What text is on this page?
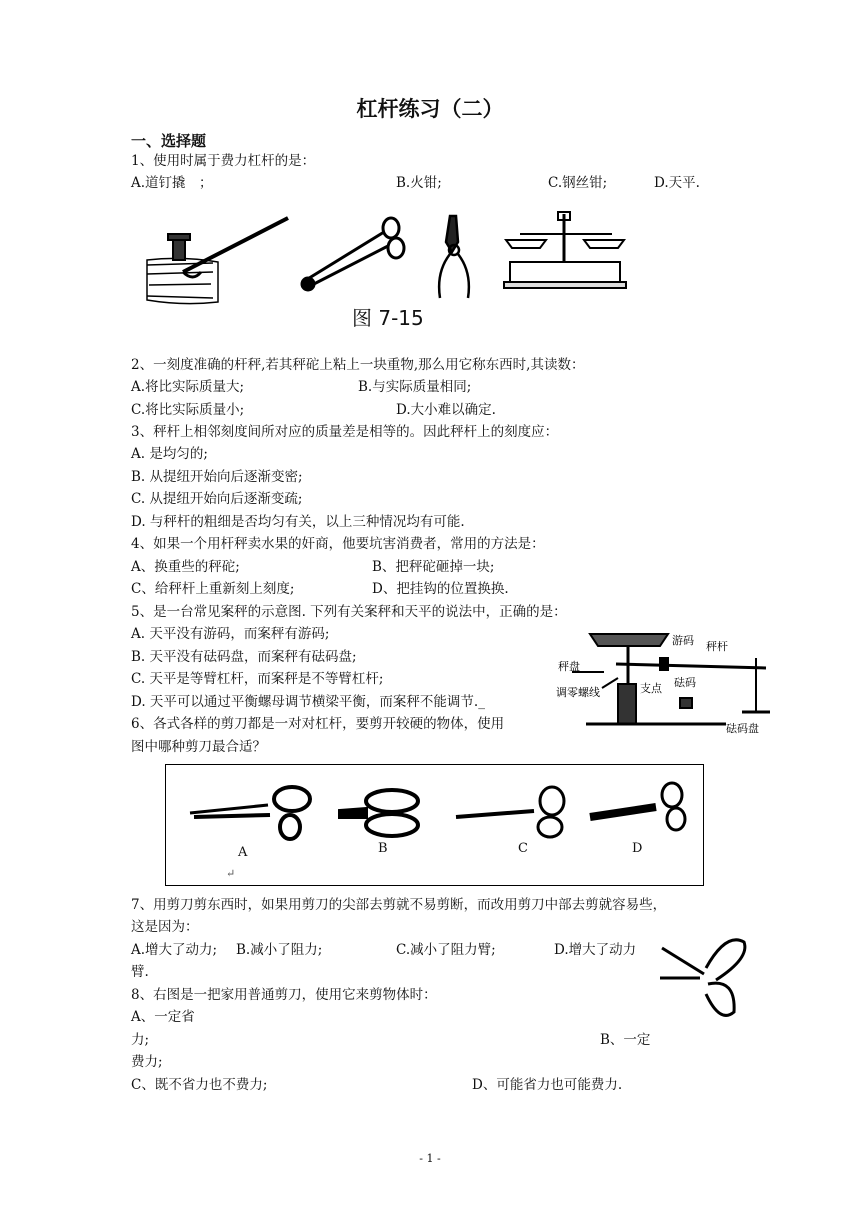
杠杆练习（二）
一、选择题
1、使用时属于费力杠杆的是：
A.道钉撬　；	B.火钳;	C.钢丝钳;	D.天平.
图 7-15
2、一刻度准确的杆秤,若其秤砣上粘上一块重物,那么用它称东西时,其读数：
A.将比实际质量大;	B.与实际质量相同;
C.将比实际质量小;	D.大小难以确定.
3、秤杆上相邻刻度间所对应的质量差是相等的。因此秤杆上的刻度应：
A. 是均匀的;
B. 从提纽开始向后逐渐变密;
C. 从提纽开始向后逐渐变疏;
D. 与秤杆的粗细是否均匀有关，以上三种情况均有可能.
4、如果一个用杆秤卖水果的奸商，他要坑害消费者，常用的方法是：
A、换重些的秤砣;	B、把秤砣砸掉一块;
C、给秤杆上重新刻上刻度;	D、把挂钩的位置换换.
5、是一台常见案秤的示意图. 下列有关案秤和天平的说法中，正确的是：
A. 天平没有游码，而案秤有游码;
B. 天平没有砝码盘，而案秤有砝码盘;
C. 天平是等臂杠杆，而案秤是不等臂杠杆;
D. 天平可以通过平衡螺母调节横梁平衡，而案秤不能调节._
游码 秤杆
秤盘
调零螺线	支点 砝码
砝码盘
6、各式各样的剪刀都是一对对杠杆，要剪开较硬的物体，使用
图中哪种剪刀最合适？
A	B	C	D
↵
7、用剪刀剪东西时，如果用剪刀的尖部去剪就不易剪断，而改用剪刀中部去剪就容易些，
这是因为：
A.增大了动力; B.减小了阻力;	C.减小了阻力臂;	D.增大了动力
臂.
8、右图是一把家用普通剪刀，使用它来剪物体时：
A、一定省
力;	B、一定
费力;
C、既不省力也不费力;	D、可能省力也可能费力.
- 1 -
